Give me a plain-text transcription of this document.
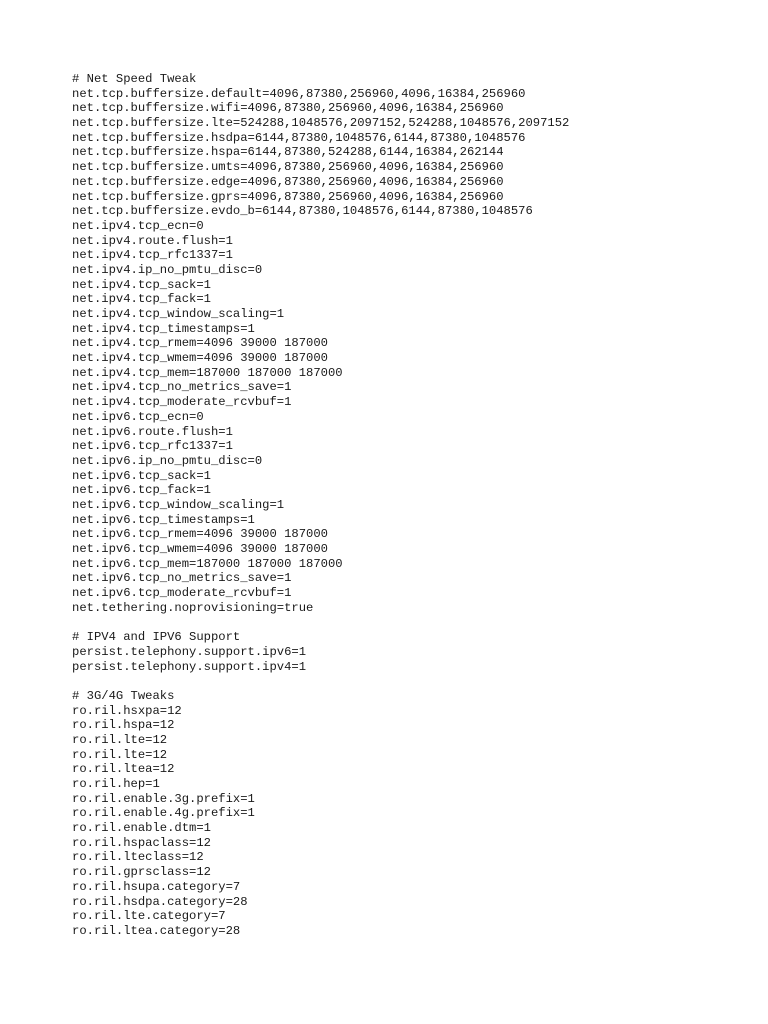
# Net Speed Tweak
net.tcp.buffersize.default=4096,87380,256960,4096,16384,256960
net.tcp.buffersize.wifi=4096,87380,256960,4096,16384,256960
net.tcp.buffersize.lte=524288,1048576,2097152,524288,1048576,2097152
net.tcp.buffersize.hsdpa=6144,87380,1048576,6144,87380,1048576
net.tcp.buffersize.hspa=6144,87380,524288,6144,16384,262144
net.tcp.buffersize.umts=4096,87380,256960,4096,16384,256960
net.tcp.buffersize.edge=4096,87380,256960,4096,16384,256960
net.tcp.buffersize.gprs=4096,87380,256960,4096,16384,256960
net.tcp.buffersize.evdo_b=6144,87380,1048576,6144,87380,1048576
net.ipv4.tcp_ecn=0
net.ipv4.route.flush=1
net.ipv4.tcp_rfc1337=1
net.ipv4.ip_no_pmtu_disc=0
net.ipv4.tcp_sack=1
net.ipv4.tcp_fack=1
net.ipv4.tcp_window_scaling=1
net.ipv4.tcp_timestamps=1
net.ipv4.tcp_rmem=4096 39000 187000
net.ipv4.tcp_wmem=4096 39000 187000
net.ipv4.tcp_mem=187000 187000 187000
net.ipv4.tcp_no_metrics_save=1
net.ipv4.tcp_moderate_rcvbuf=1
net.ipv6.tcp_ecn=0
net.ipv6.route.flush=1
net.ipv6.tcp_rfc1337=1
net.ipv6.ip_no_pmtu_disc=0
net.ipv6.tcp_sack=1
net.ipv6.tcp_fack=1
net.ipv6.tcp_window_scaling=1
net.ipv6.tcp_timestamps=1
net.ipv6.tcp_rmem=4096 39000 187000
net.ipv6.tcp_wmem=4096 39000 187000
net.ipv6.tcp_mem=187000 187000 187000
net.ipv6.tcp_no_metrics_save=1
net.ipv6.tcp_moderate_rcvbuf=1
net.tethering.noprovisioning=true
# IPV4 and IPV6 Support
persist.telephony.support.ipv6=1
persist.telephony.support.ipv4=1
# 3G/4G Tweaks
ro.ril.hsxpa=12
ro.ril.hspa=12
ro.ril.lte=12
ro.ril.lte=12
ro.ril.ltea=12
ro.ril.hep=1
ro.ril.enable.3g.prefix=1
ro.ril.enable.4g.prefix=1
ro.ril.enable.dtm=1
ro.ril.hspaclass=12
ro.ril.lteclass=12
ro.ril.gprsclass=12
ro.ril.hsupa.category=7
ro.ril.hsdpa.category=28
ro.ril.lte.category=7
ro.ril.ltea.category=28
